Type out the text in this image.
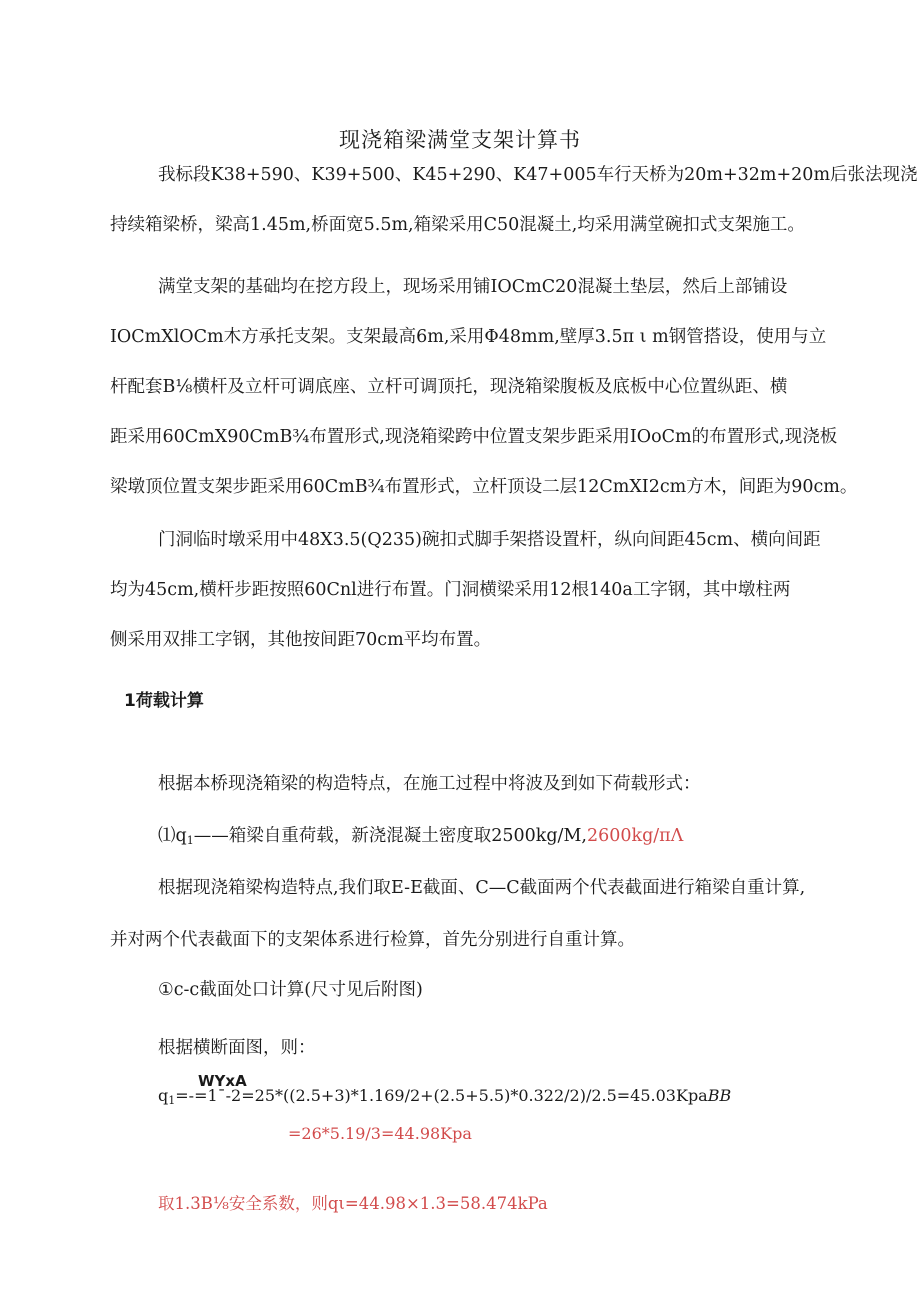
现浇箱梁满堂支架计算书
我标段K38+590、K39+500、K45+290、K47+005车行天桥为20m+32m+20m后张法现浇
持续箱梁桥，梁高1.45m,桥面宽5.5m,箱梁采用C50混凝土,均采用满堂碗扣式支架施工。
满堂支架的基础均在挖方段上，现场采用铺IOCmC20混凝土垫层，然后上部铺设
IOCmXlOCm木方承托支架。支架最高6m,采用Φ48mm,壁厚3.5π ι m钢管搭设，使用与立
杆配套B⅛横杆及立杆可调底座、立杆可调顶托，现浇箱梁腹板及底板中心位置纵距、横
距采用60CmX90CmB¾布置形式,现浇箱梁跨中位置支架步距采用IOoCm的布置形式,现浇板
梁墩顶位置支架步距采用60CmB¾布置形式，立杆顶设二层12CmXI2cm方木，间距为90cm。
门洞临时墩采用中48X3.5(Q235)碗扣式脚手架搭设置杆，纵向间距45cm、横向间距
均为45cm,横杆步距按照60Cnl进行布置。门洞横梁采用12根140a工字钢，其中墩柱两
侧采用双排工字钢，其他按间距70cm平均布置。
1荷载计算
根据本桥现浇箱梁的构造特点，在施工过程中将波及到如下荷载形式：
$⑴q_1——$箱梁自重荷载，新浇混凝土密度取2500kg/M,2600kg/πΛ
根据现浇箱梁构造特点,我们取E-E截面、C—C截面两个代表截面进行箱梁自重计算,
并对两个代表截面下的支架体系进行检算，首先分别进行自重计算。
①c-c截面处口计算(尺寸见后附图)
根据横断面图，则：
WYxA
$q_1=-=1ˉ-2=25*((2.5+3)*1.169/2+(2.5+5.5)*0.322/2)/2.5=45.03KpaBB$
=26*5.19/3=44.98Kpa
取1.3B⅛安全系数，则qι=44.98×1.3=58.474kPa
